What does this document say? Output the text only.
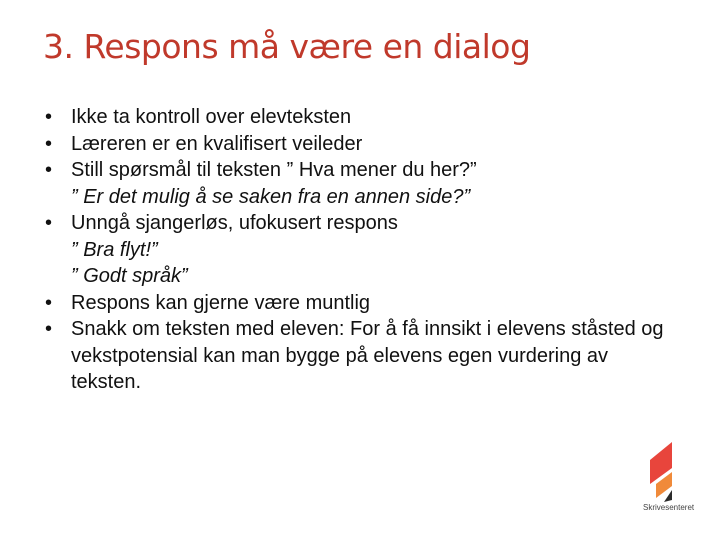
3. Respons må være en dialog
• Ikke ta kontroll over elevteksten
• Læreren er en kvalifisert veileder
• Still spørsmål til teksten ” Hva mener du her?”
” Er det mulig å se saken fra en annen side?”
• Unngå sjangerløs, ufokusert respons
” Bra flyt!”
” Godt språk”
• Respons kan gjerne være muntlig
• Snakk om teksten med eleven: For å få innsikt i elevens ståsted og vekstpotensial kan man bygge på elevens egen vurdering av teksten.
Skrivesenteret
